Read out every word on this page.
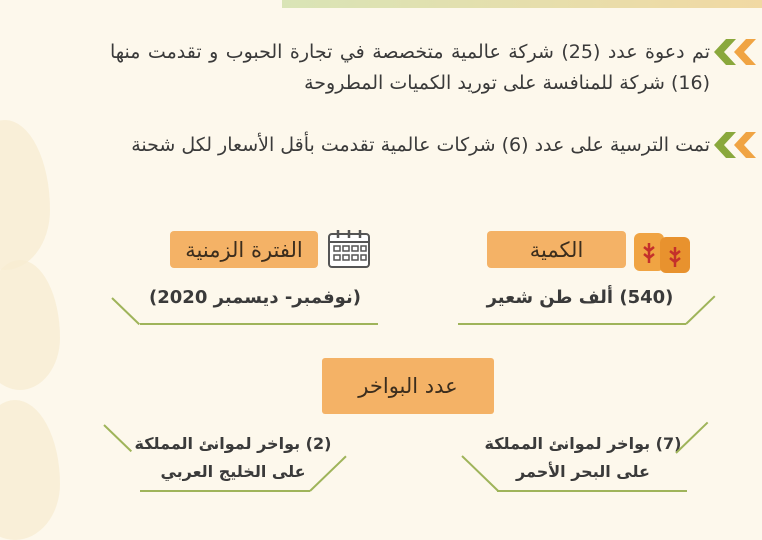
تم دعوة عدد (25) شركة عالمية متخصصة في تجارة الحبوب و تقدمت منها (16) شركة للمنافسة على توريد الكميات المطروحة
تمت الترسية على عدد (6) شركات عالمية تقدمت بأقل الأسعار لكل شحنة
الكمية
(540) ألف طن شعير
الفترة الزمنية
(نوفمبر- ديسمبر 2020)
عدد البواخر
(7) بواخر لموانئ المملكة
على البحر الأحمر
(2) بواخر لموانئ المملكة
على الخليج العربي
